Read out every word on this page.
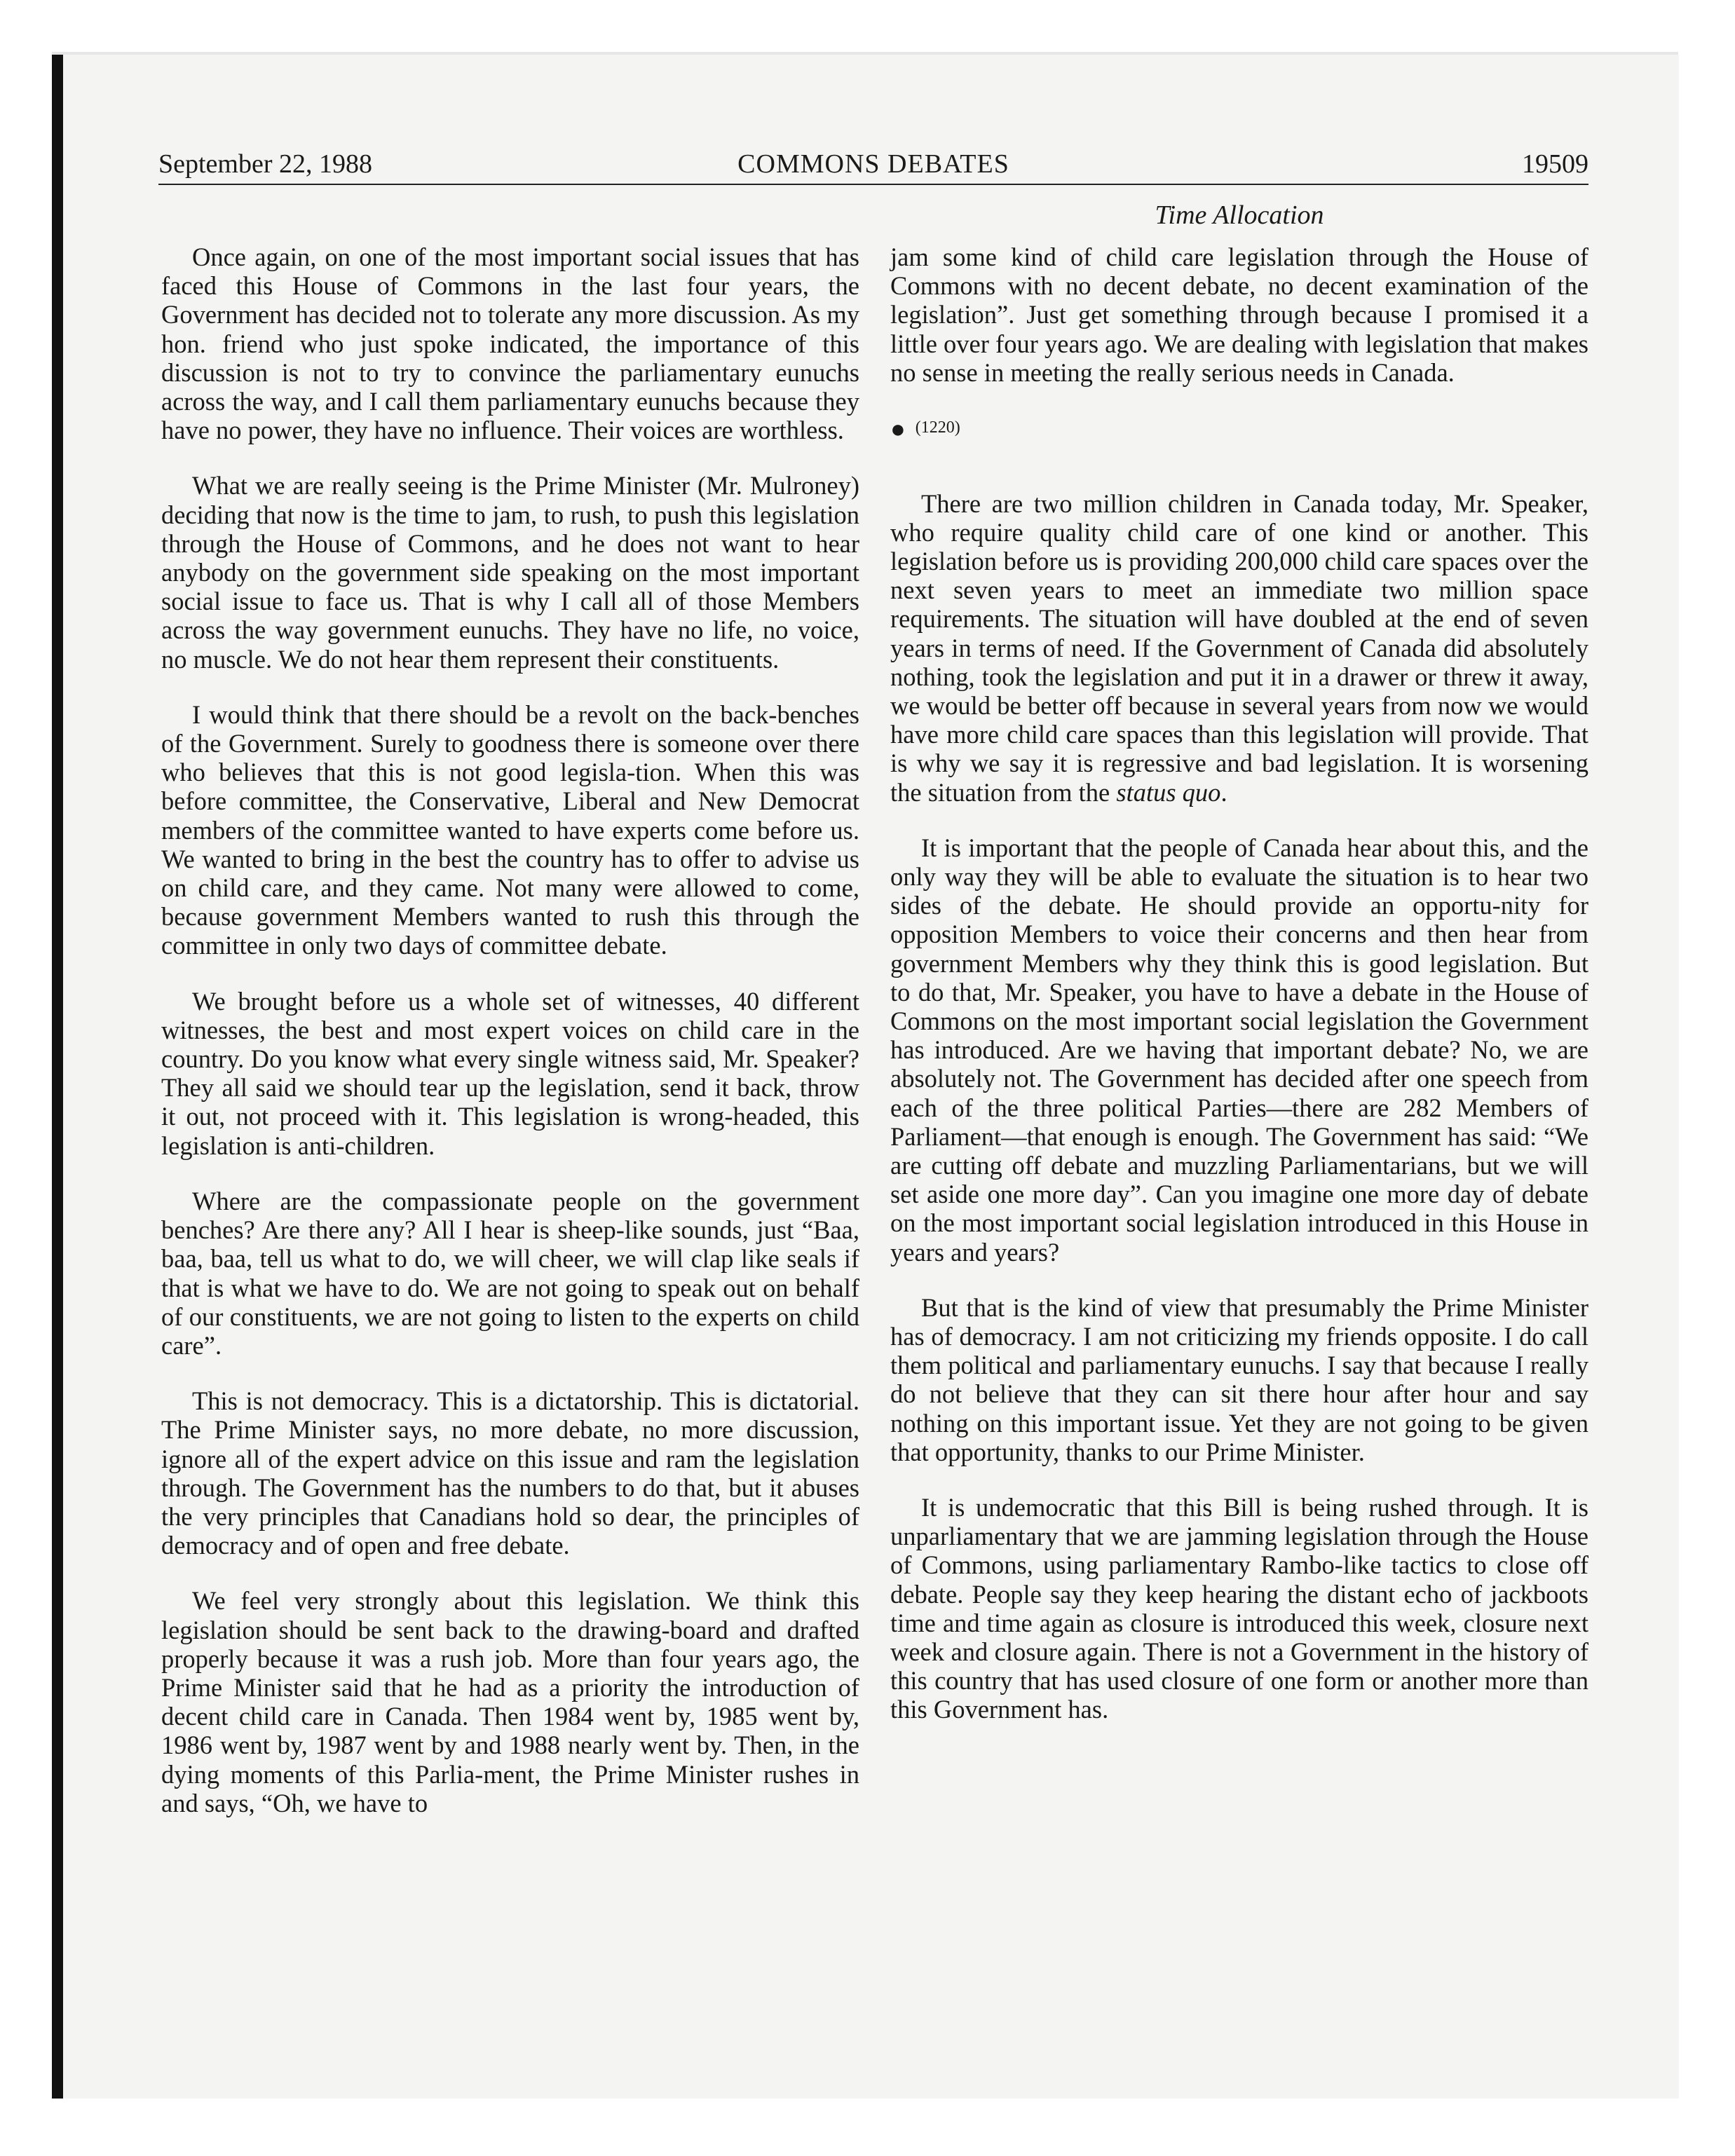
September 22, 1988	COMMONS DEBATES	19509
Time Allocation

Once again, on one of the most important social issues that has faced this House of Commons in the last four years, the Government has decided not to tolerate any more discussion. As my hon. friend who just spoke indicated, the importance of this discussion is not to try to convince the parliamentary eunuchs across the way, and I call them parliamentary eunuchs because they have no power, they have no influence. Their voices are worthless.

What we are really seeing is the Prime Minister (Mr. Mulroney) deciding that now is the time to jam, to rush, to push this legislation through the House of Commons, and he does not want to hear anybody on the government side speaking on the most important social issue to face us. That is why I call all of those Members across the way government eunuchs. They have no life, no voice, no muscle. We do not hear them represent their constituents.

I would think that there should be a revolt on the back-benches of the Government. Surely to goodness there is someone over there who believes that this is not good legisla-tion. When this was before committee, the Conservative, Liberal and New Democrat members of the committee wanted to have experts come before us. We wanted to bring in the best the country has to offer to advise us on child care, and they came. Not many were allowed to come, because government Members wanted to rush this through the committee in only two days of committee debate.

We brought before us a whole set of witnesses, 40 different witnesses, the best and most expert voices on child care in the country. Do you know what every single witness said, Mr. Speaker? They all said we should tear up the legislation, send it back, throw it out, not proceed with it. This legislation is wrong-headed, this legislation is anti-children.

Where are the compassionate people on the government benches? Are there any? All I hear is sheep-like sounds, just “Baa, baa, baa, tell us what to do, we will cheer, we will clap like seals if that is what we have to do. We are not going to speak out on behalf of our constituents, we are not going to listen to the experts on child care”.

This is not democracy. This is a dictatorship. This is dictatorial. The Prime Minister says, no more debate, no more discussion, ignore all of the expert advice on this issue and ram the legislation through. The Government has the numbers to do that, but it abuses the very principles that Canadians hold so dear, the principles of democracy and of open and free debate.

We feel very strongly about this legislation. We think this legislation should be sent back to the drawing-board and drafted properly because it was a rush job. More than four years ago, the Prime Minister said that he had as a priority the introduction of decent child care in Canada. Then 1984 went by, 1985 went by, 1986 went by, 1987 went by and 1988 nearly went by. Then, in the dying moments of this Parlia-ment, the Prime Minister rushes in and says, “Oh, we have to

jam some kind of child care legislation through the House of Commons with no decent debate, no decent examination of the legislation”. Just get something through because I promised it a little over four years ago. We are dealing with legislation that makes no sense in meeting the really serious needs in Canada.

● (1220)

There are two million children in Canada today, Mr. Speaker, who require quality child care of one kind or another. This legislation before us is providing 200,000 child care spaces over the next seven years to meet an immediate two million space requirements. The situation will have doubled at the end of seven years in terms of need. If the Government of Canada did absolutely nothing, took the legislation and put it in a drawer or threw it away, we would be better off because in several years from now we would have more child care spaces than this legislation will provide. That is why we say it is regressive and bad legislation. It is worsening the situation from the status quo.

It is important that the people of Canada hear about this, and the only way they will be able to evaluate the situation is to hear two sides of the debate. He should provide an opportu-nity for opposition Members to voice their concerns and then hear from government Members why they think this is good legislation. But to do that, Mr. Speaker, you have to have a debate in the House of Commons on the most important social legislation the Government has introduced. Are we having that important debate? No, we are absolutely not. The Government has decided after one speech from each of the three political Parties—there are 282 Members of Parliament—that enough is enough. The Government has said: “We are cutting off debate and muzzling Parliamentarians, but we will set aside one more day”. Can you imagine one more day of debate on the most important social legislation introduced in this House in years and years?

But that is the kind of view that presumably the Prime Minister has of democracy. I am not criticizing my friends opposite. I do call them political and parliamentary eunuchs. I say that because I really do not believe that they can sit there hour after hour and say nothing on this important issue. Yet they are not going to be given that opportunity, thanks to our Prime Minister.

It is undemocratic that this Bill is being rushed through. It is unparliamentary that we are jamming legislation through the House of Commons, using parliamentary Rambo-like tactics to close off debate. People say they keep hearing the distant echo of jackboots time and time again as closure is introduced this week, closure next week and closure again. There is not a Government in the history of this country that has used closure of one form or another more than this Government has.
